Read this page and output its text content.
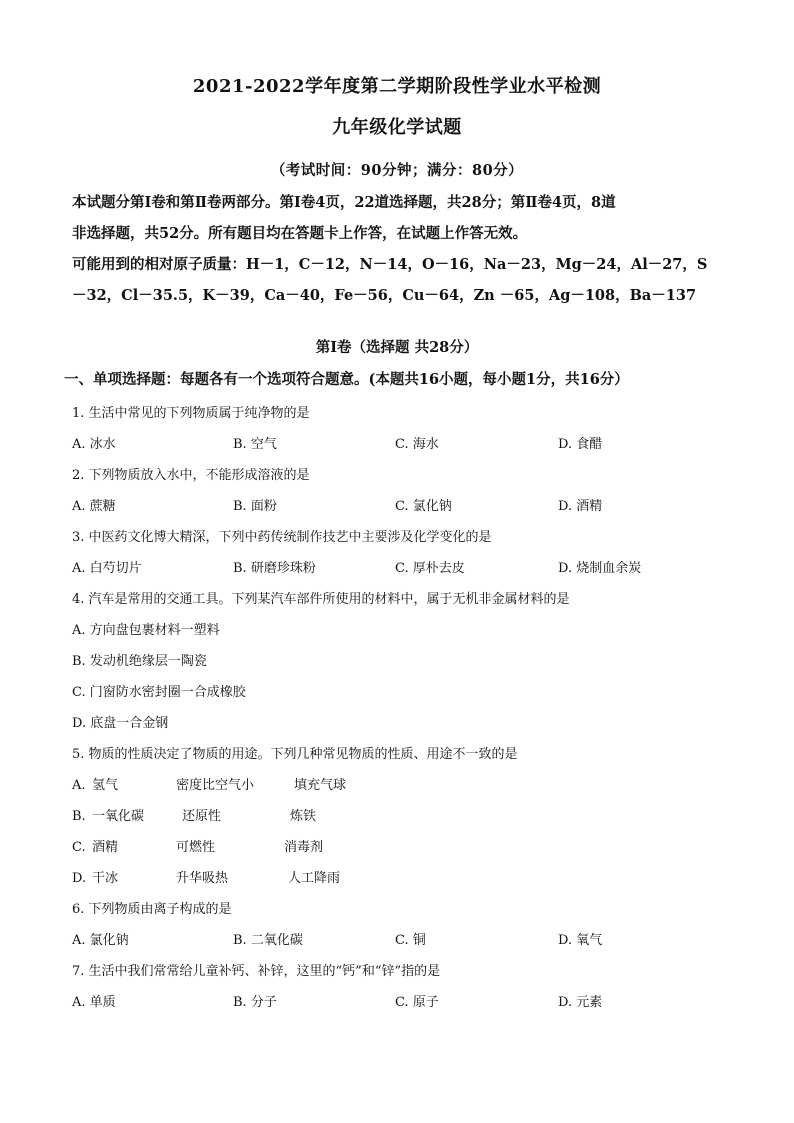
2021-2022学年度第二学期阶段性学业水平检测
九年级化学试题
（考试时间：90分钟；满分：80分）

本试题分第Ⅰ卷和第Ⅱ卷两部分。第Ⅰ卷4页，22道选择题，共28分；第Ⅱ卷4页，8道

非选择题，共52分。所有题目均在答题卡上作答，在试题上作答无效。

可能用到的相对原子质量：H－1，C－12，N－14，O－16，Na－23，Mg－24，Al－27，S

－32，Cl－35.5，K－39，Ca－40，Fe－56，Cu－64，Zn －65，Ag－108，Ba－137

第Ⅰ卷（选择题 共28分）
一、单项选择题：每题各有一个选项符合题意。(本题共16小题，每小题1分，共16分）
1. 生活中常见的下列物质属于纯净物的是
A. 冰水	B. 空气	C. 海水	D. 食醋
2. 下列物质放入水中，不能形成溶液的是
A. 蔗糖	B. 面粉	C. 氯化钠	D. 酒精
3. 中医药文化博大精深，下列中药传统制作技艺中主要涉及化学变化的是
A. 白芍切片	B. 研磨珍珠粉	C. 厚朴去皮	D. 烧制血余炭
4. 汽车是常用的交通工具。下列某汽车部件所使用的材料中，属于无机非金属材料的是
A. 方向盘包裹材料一塑料
B. 发动机绝缘层一陶瓷
C. 门窗防水密封圈一合成橡胶
D. 底盘一合金钢
5. 物质的性质决定了物质的用途。下列几种常见物质的性质、用途不一致的是
A. 氢气	密度比空气小	填充气球
B. 一氧化碳	还原性	炼铁
C. 酒精	可燃性	消毒剂
D. 干冰	升华吸热	人工降雨
6. 下列物质由离子构成的是
A. 氯化钠	B. 二氧化碳	C. 铜	D. 氧气
7. 生活中我们常常给儿童补钙、补锌，这里的“钙”和“锌”指的是
A. 单质	B. 分子	C. 原子	D. 元素
